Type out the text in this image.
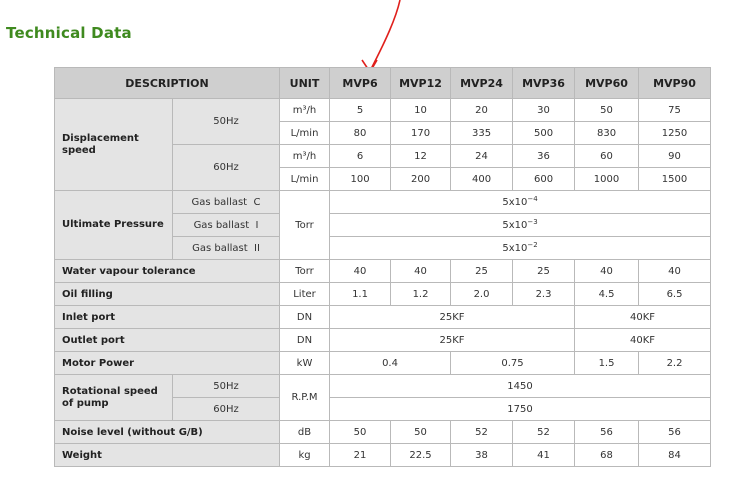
Technical Data
DESCRIPTION		UNIT	MVP6	MVP12	MVP24	MVP36	MVP60	MVP90
Displacement speed	50Hz	m³/h	5	10	20	30	50	75
		L/min	80	170	335	500	830	1250
	60Hz	m³/h	6	12	24	36	60	90
		L/min	100	200	400	600	1000	1500
Ultimate Pressure	Gas ballast  C	Torr	$5x10^{-4}$
	Gas ballast  I		$5x10^{-3}$
	Gas ballast  II		$5x10^{-2}$
Water vapour tolerance		Torr	40	40	25	25	40	40
Oil filling		Liter	1.1	1.2	2.0	2.3	4.5	6.5
Inlet port		DN	25KF				40KF	
Outlet port		DN	25KF				40KF	
Motor Power		kW	0.4		0.75		1.5	2.2
Rotational speed of pump	50Hz	R.P.M	1450					
	60Hz		1750					
Noise level (without G/B)		dB	50	50	52	52	56	56
Weight		kg	21	22.5	38	41	68	84
